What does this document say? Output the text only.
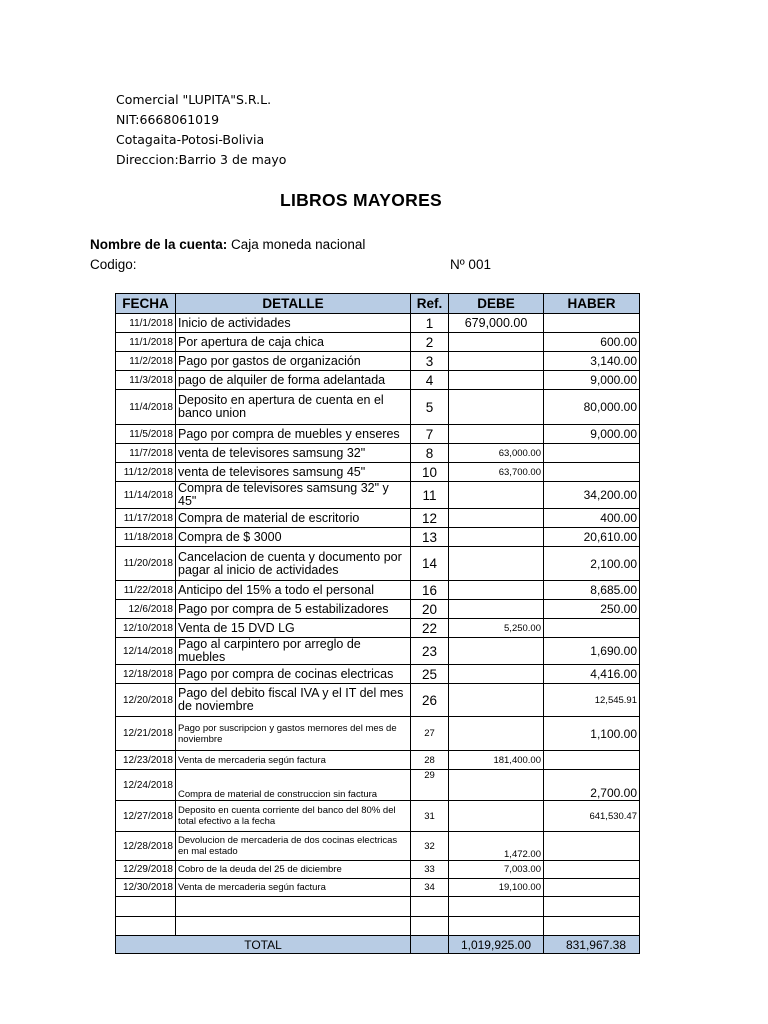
Comercial "LUPITA"S.R.L.
NIT:6668061019
Cotagaita-Potosi-Bolivia
Direccion:Barrio 3 de mayo
LIBROS MAYORES
Nombre de la cuenta: Caja moneda nacional
Codigo:	Nº 001
FECHA	DETALLE	Ref.	DEBE	HABER
11/1/2018	Inicio de actividades	1	679,000.00	
11/1/2018	Por apertura de caja chica	2		600.00
11/2/2018	Pago por gastos de organización	3		3,140.00
11/3/2018	pago de alquiler de forma adelantada	4		9,000.00
11/4/2018	Deposito en apertura de cuenta en el banco union	5		80,000.00
11/5/2018	Pago por compra de muebles y enseres	7		9,000.00
11/7/2018	venta de televisores samsung 32"	8	63,000.00	
11/12/2018	venta de televisores samsung 45"	10	63,700.00	
11/14/2018	Compra de televisores samsung 32" y 45"	11		34,200.00
11/17/2018	Compra de material de escritorio	12		400.00
11/18/2018	Compra de $ 3000	13		20,610.00
11/20/2018	Cancelacion de cuenta y documento por pagar al inicio de actividades	14		2,100.00
11/22/2018	Anticipo del 15% a todo el personal	16		8,685.00
12/6/2018	Pago por compra de 5 estabilizadores	20		250.00
12/10/2018	Venta de 15 DVD LG	22	5,250.00	
12/14/2018	Pago al carpintero por arreglo de muebles	23		1,690.00
12/18/2018	Pago por compra de cocinas electricas	25		4,416.00
12/20/2018	Pago del debito fiscal IVA y el IT del mes de noviembre	26		12,545.91
12/21/2018	Pago por suscripcion y gastos mernores del mes de noviembre	27		1,100.00
12/23/2018	Venta de mercaderia según factura	28	181,400.00	
12/24/2018	Compra de material de construccion sin factura	29		2,700.00
12/27/2018	Deposito en cuenta corriente del banco del 80% del total efectivo a la fecha	31		641,530.47
12/28/2018	Devolucion de mercaderia de dos cocinas electricas en mal estado	32	1,472.00	
12/29/2018	Cobro de la deuda del 25 de diciembre	33	7,003.00	
12/30/2018	Venta de mercaderia según factura	34	19,100.00	

TOTAL			1,019,925.00	831,967.38
